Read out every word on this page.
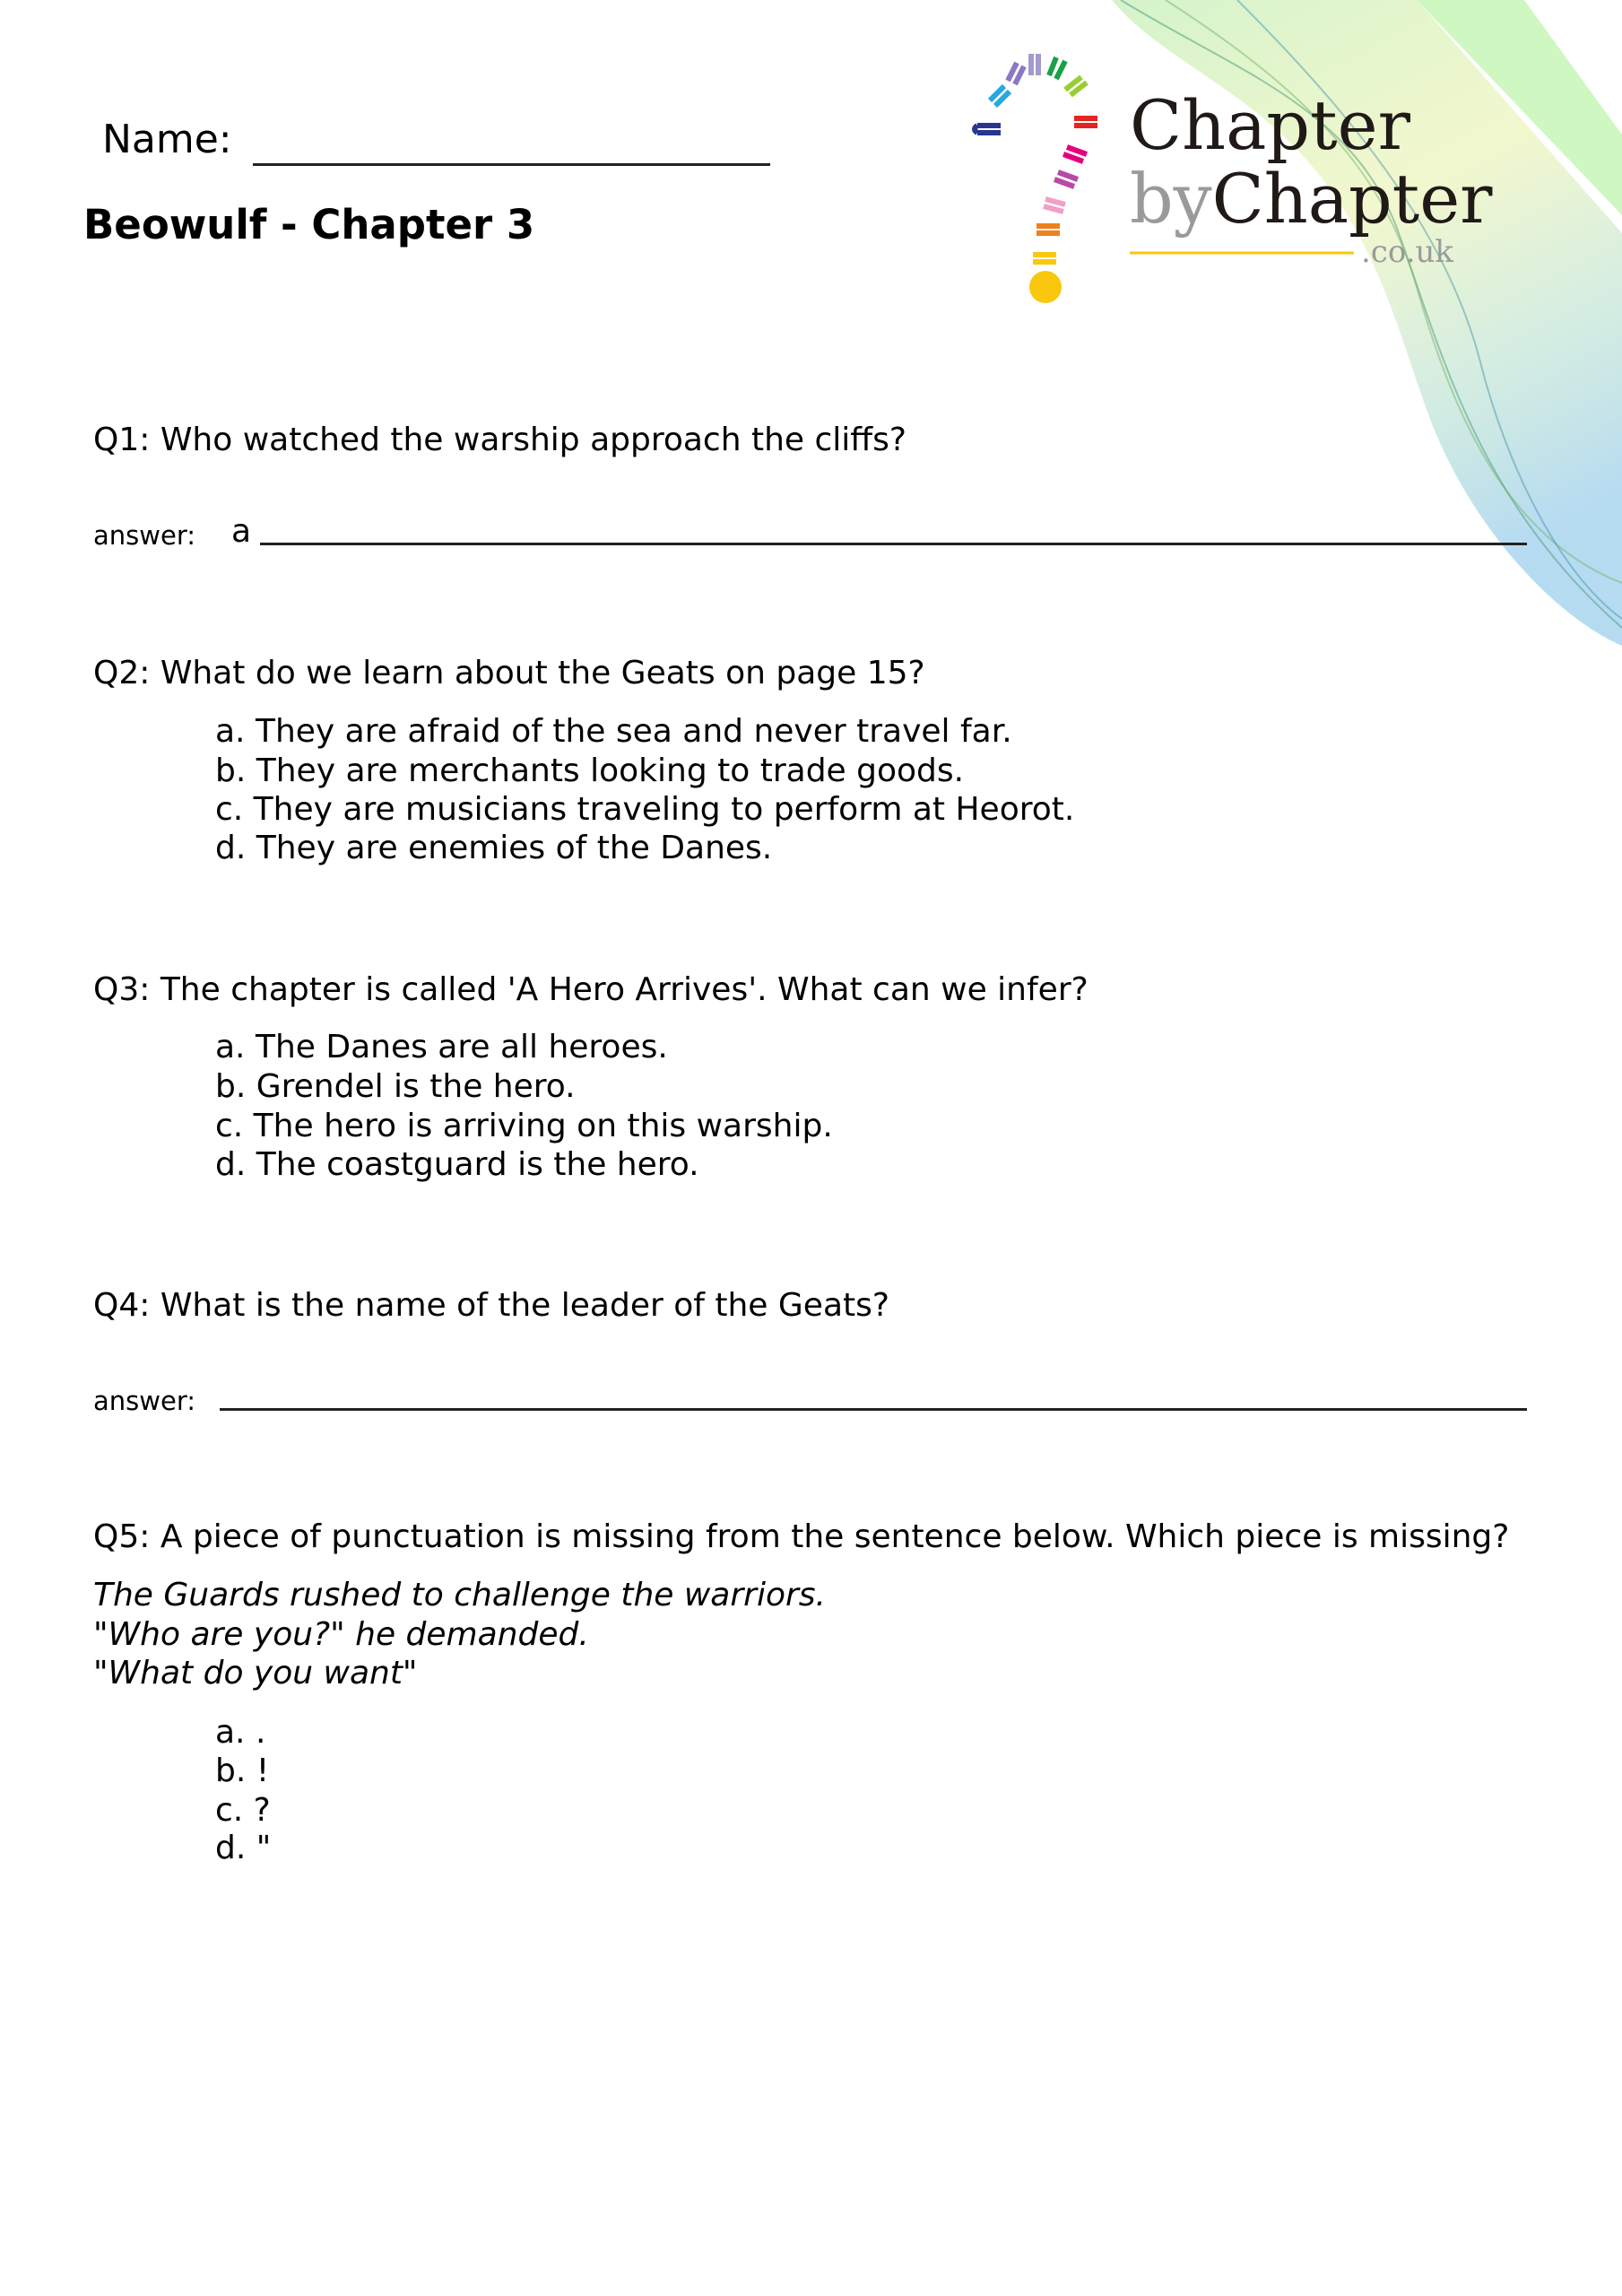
Chapter
byChapter
.co.uk
Name:
Beowulf - Chapter 3
Q1: Who watched the warship approach the cliffs?
answer: a
Q2: What do we learn about the Geats on page 15?
a. They are afraid of the sea and never travel far.
b. They are merchants looking to trade goods.
c. They are musicians traveling to perform at Heorot.
d. They are enemies of the Danes.
Q3: The chapter is called 'A Hero Arrives'. What can we infer?
a. The Danes are all heroes.
b. Grendel is the hero.
c. The hero is arriving on this warship.
d. The coastguard is the hero.
Q4: What is the name of the leader of the Geats?
answer:
Q5: A piece of punctuation is missing from the sentence below. Which piece is missing?
The Guards rushed to challenge the warriors.
"Who are you?" he demanded.
"What do you want"
a. .
b. !
c. ?
d. "
